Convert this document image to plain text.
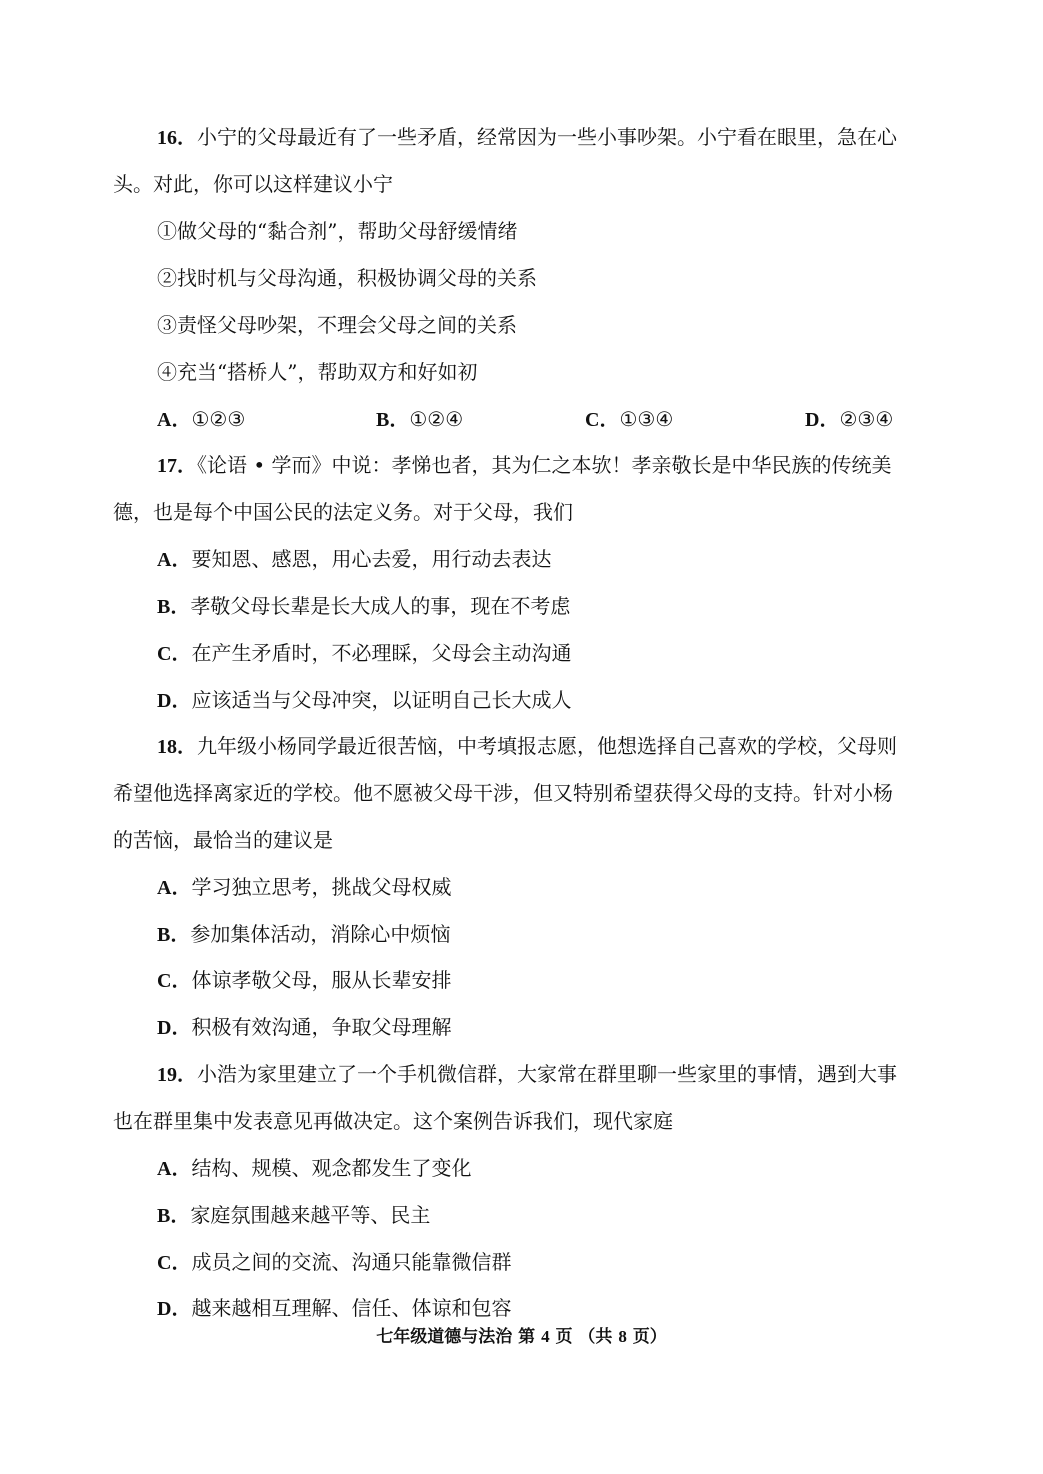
16．小宁的父母最近有了一些矛盾，经常因为一些小事吵架。小宁看在眼里，急在心
头。对此，你可以这样建议小宁
①做父母的“黏合剂”，帮助父母舒缓情绪
②找时机与父母沟通，积极协调父母的关系
③责怪父母吵架，不理会父母之间的关系
④充当“搭桥人”，帮助双方和好如初
A．①②③	B．①②④	C．①③④	D．②③④
17．《论语 • 学而》中说：孝悌也者，其为仁之本欤！孝亲敬长是中华民族的传统美
德，也是每个中国公民的法定义务。对于父母，我们
A．要知恩、感恩，用心去爱，用行动去表达
B．孝敬父母长辈是长大成人的事，现在不考虑
C．在产生矛盾时，不必理睬，父母会主动沟通
D．应该适当与父母冲突，以证明自己长大成人
18．九年级小杨同学最近很苦恼，中考填报志愿，他想选择自己喜欢的学校，父母则
希望他选择离家近的学校。他不愿被父母干涉，但又特别希望获得父母的支持。针对小杨
的苦恼，最恰当的建议是
A．学习独立思考，挑战父母权威
B．参加集体活动，消除心中烦恼
C．体谅孝敬父母，服从长辈安排
D．积极有效沟通，争取父母理解
19．小浩为家里建立了一个手机微信群，大家常在群里聊一些家里的事情，遇到大事
也在群里集中发表意见再做决定。这个案例告诉我们，现代家庭
A．结构、规模、观念都发生了变化
B．家庭氛围越来越平等、民主
C．成员之间的交流、沟通只能靠微信群
D．越来越相互理解、信任、体谅和包容
七年级道德与法治 第 4 页 （共 8 页）
